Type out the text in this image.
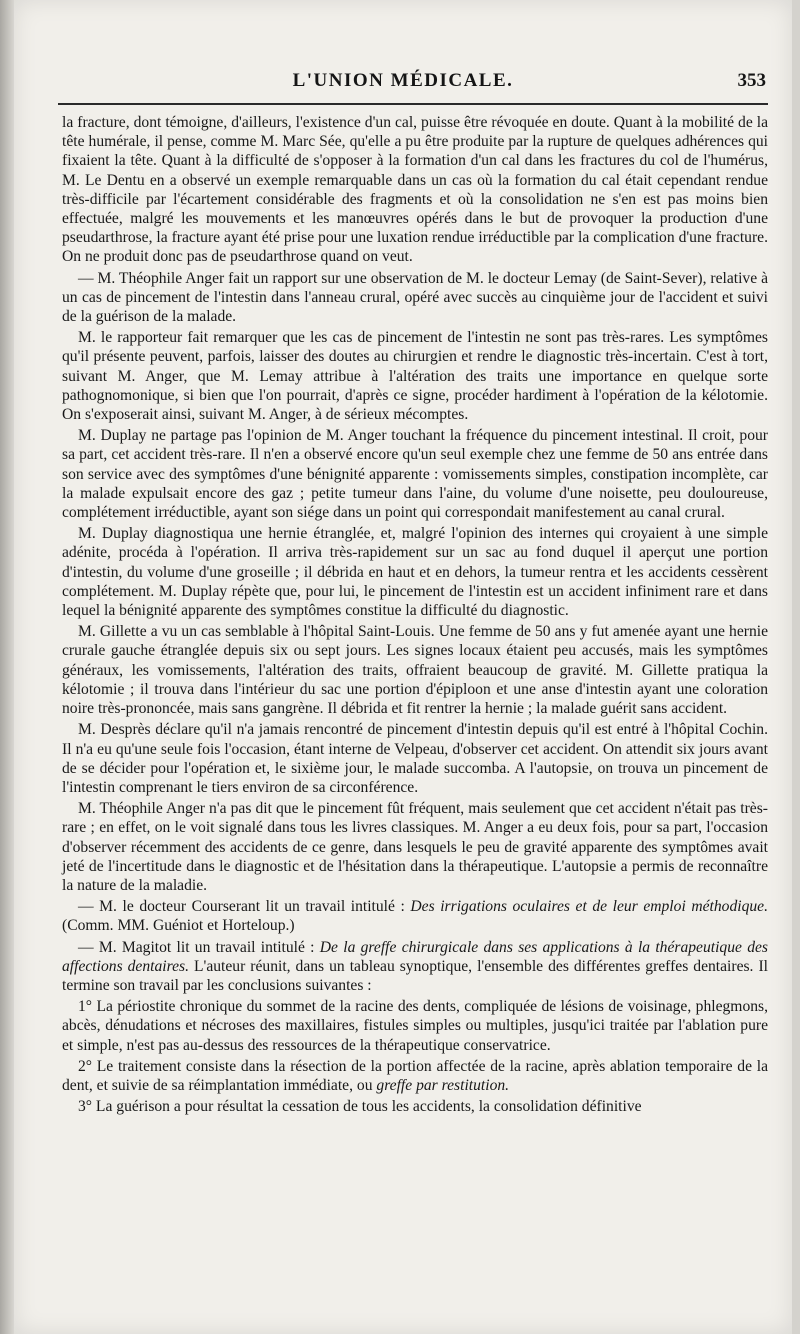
L'UNION MÉDICALE.	353

la fracture, dont témoigne, d'ailleurs, l'existence d'un cal, puisse être révoquée en doute. Quant à la mobilité de la tête humérale, il pense, comme M. Marc Sée, qu'elle a pu être produite par la rupture de quelques adhérences qui fixaient la tête. Quant à la difficulté de s'opposer à la formation d'un cal dans les fractures du col de l'humérus, M. Le Dentu en a observé un exemple remarquable dans un cas où la formation du cal était cependant rendue très-difficile par l'écartement considérable des fragments et où la consolidation ne s'en est pas moins bien effectuée, malgré les mouvements et les manœuvres opérés dans le but de provoquer la production d'une pseudarthrose, la fracture ayant été prise pour une luxation rendue irréductible par la complication d'une fracture. On ne produit donc pas de pseudarthrose quand on veut.

— M. Théophile Anger fait un rapport sur une observation de M. le docteur Lemay (de Saint-Sever), relative à un cas de pincement de l'intestin dans l'anneau crural, opéré avec succès au cinquième jour de l'accident et suivi de la guérison de la malade.

M. le rapporteur fait remarquer que les cas de pincement de l'intestin ne sont pas très-rares. Les symptômes qu'il présente peuvent, parfois, laisser des doutes au chirurgien et rendre le diagnostic très-incertain. C'est à tort, suivant M. Anger, que M. Lemay attribue à l'altération des traits une importance en quelque sorte pathognomonique, si bien que l'on pourrait, d'après ce signe, procéder hardiment à l'opération de la kélotomie. On s'exposerait ainsi, suivant M. Anger, à de sérieux mécomptes.

M. Duplay ne partage pas l'opinion de M. Anger touchant la fréquence du pincement intestinal. Il croit, pour sa part, cet accident très-rare. Il n'en a observé encore qu'un seul exemple chez une femme de 50 ans entrée dans son service avec des symptômes d'une bénignité apparente : vomissements simples, constipation incomplète, car la malade expulsait encore des gaz ; petite tumeur dans l'aine, du volume d'une noisette, peu douloureuse, complétement irréductible, ayant son siége dans un point qui correspondait manifestement au canal crural.

M. Duplay diagnostiqua une hernie étranglée, et, malgré l'opinion des internes qui croyaient à une simple adénite, procéda à l'opération. Il arriva très-rapidement sur un sac au fond duquel il aperçut une portion d'intestin, du volume d'une groseille ; il débrida en haut et en dehors, la tumeur rentra et les accidents cessèrent complétement. M. Duplay répète que, pour lui, le pincement de l'intestin est un accident infiniment rare et dans lequel la bénignité apparente des symptômes constitue la difficulté du diagnostic.

M. Gillette a vu un cas semblable à l'hôpital Saint-Louis. Une femme de 50 ans y fut amenée ayant une hernie crurale gauche étranglée depuis six ou sept jours. Les signes locaux étaient peu accusés, mais les symptômes généraux, les vomissements, l'altération des traits, offraient beaucoup de gravité. M. Gillette pratiqua la kélotomie ; il trouva dans l'intérieur du sac une portion d'épiploon et une anse d'intestin ayant une coloration noire très-prononcée, mais sans gangrène. Il débrida et fit rentrer la hernie ; la malade guérit sans accident.

M. Desprès déclare qu'il n'a jamais rencontré de pincement d'intestin depuis qu'il est entré à l'hôpital Cochin. Il n'a eu qu'une seule fois l'occasion, étant interne de Velpeau, d'observer cet accident. On attendit six jours avant de se décider pour l'opération et, le sixième jour, le malade succomba. A l'autopsie, on trouva un pincement de l'intestin comprenant le tiers environ de sa circonférence.

M. Théophile Anger n'a pas dit que le pincement fût fréquent, mais seulement que cet accident n'était pas très-rare ; en effet, on le voit signalé dans tous les livres classiques. M. Anger a eu deux fois, pour sa part, l'occasion d'observer récemment des accidents de ce genre, dans lesquels le peu de gravité apparente des symptômes avait jeté de l'incertitude dans le diagnostic et de l'hésitation dans la thérapeutique. L'autopsie a permis de reconnaître la nature de la maladie.

— M. le docteur Courserant lit un travail intitulé : Des irrigations oculaires et de leur emploi méthodique. (Comm. MM. Guéniot et Horteloup.)

— M. Magitot lit un travail intitulé : De la greffe chirurgicale dans ses applications à la thérapeutique des affections dentaires. L'auteur réunit, dans un tableau synoptique, l'ensemble des différentes greffes dentaires. Il termine son travail par les conclusions suivantes :

1° La périostite chronique du sommet de la racine des dents, compliquée de lésions de voisinage, phlegmons, abcès, dénudations et nécroses des maxillaires, fistules simples ou multiples, jusqu'ici traitée par l'ablation pure et simple, n'est pas au-dessus des ressources de la thérapeutique conservatrice.

2° Le traitement consiste dans la résection de la portion affectée de la racine, après ablation temporaire de la dent, et suivie de sa réimplantation immédiate, ou greffe par restitution.

3° La guérison a pour résultat la cessation de tous les accidents, la consolidation définitive
